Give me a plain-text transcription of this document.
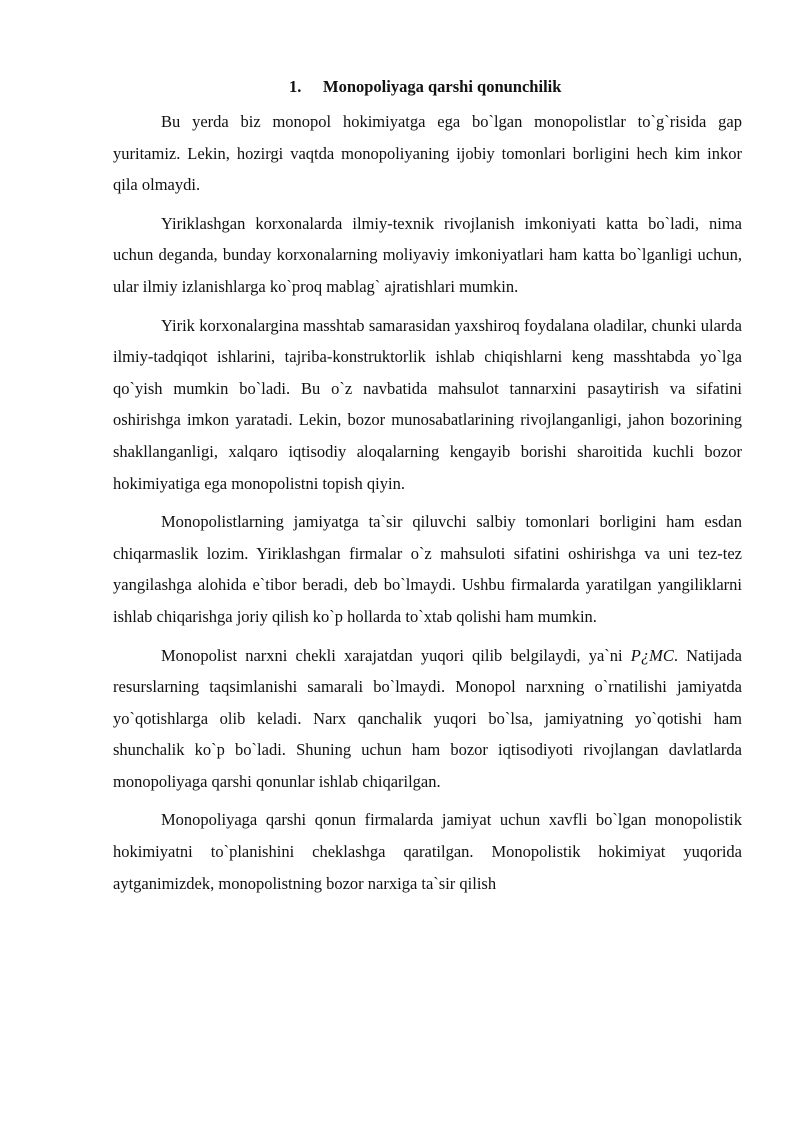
1. Monopoliyaga qarshi qonunchilik

Bu yerda biz monopol hokimiyatga ega bo`lgan monopolistlar to`g`risida gap yuritamiz. Lekin, hozirgi vaqtda monopoliyaning ijobiy tomonlari borligini hech kim inkor qila olmaydi.

Yiriklashgan korxonalarda ilmiy-texnik rivojlanish imkoniyati katta bo`ladi, nima uchun deganda, bunday korxonalarning moliyaviy imkoniyatlari ham katta bo`lganligi uchun, ular ilmiy izlanishlarga ko`proq mablag` ajratishlari mumkin.

Yirik korxonalargina masshtab samarasidan yaxshiroq foydalana oladilar, chunki ularda ilmiy-tadqiqot ishlarini, tajriba-konstruktorlik ishlab chiqishlarni keng masshtabda yo`lga qo`yish mumkin bo`ladi. Bu o`z navbatida mahsulot tannarxini pasaytirish va sifatini oshirishga imkon yaratadi. Lekin, bozor munosabatlarining rivojlanganligi, jahon bozorining shakllanganligi, xalqaro iqtisodiy aloqalarning kengayib borishi sharoitida kuchli bozor hokimiyatiga ega monopolistni topish qiyin.

Monopolistlarning jamiyatga ta`sir qiluvchi salbiy tomonlari borligini ham esdan chiqarmaslik lozim. Yiriklashgan firmalar o`z mahsuloti sifatini oshirishga va uni tez-tez yangilashga alohida e`tibor beradi, deb bo`lmaydi. Ushbu firmalarda yaratilgan yangiliklarni ishlab chiqarishga joriy qilish ko`p hollarda to`xtab qolishi ham mumkin.

Monopolist narxni chekli xarajatdan yuqori qilib belgilaydi, ya`ni P¿MC. Natijada resurslarning taqsimlanishi samarali bo`lmaydi. Monopol narxning o`rnatilishi jamiyatda yo`qotishlarga olib keladi. Narx qanchalik yuqori bo`lsa, jamiyatning yo`qotishi ham shunchalik ko`p bo`ladi. Shuning uchun ham bozor iqtisodiyoti rivojlangan davlatlarda monopoliyaga qarshi qonunlar ishlab chiqarilgan.

Monopoliyaga qarshi qonun firmalarda jamiyat uchun xavfli bo`lgan monopolistik hokimiyatni to`planishini cheklashga qaratilgan. Monopolistik hokimiyat yuqorida aytganimizdek, monopolistning bozor narxiga ta`sir qilish
